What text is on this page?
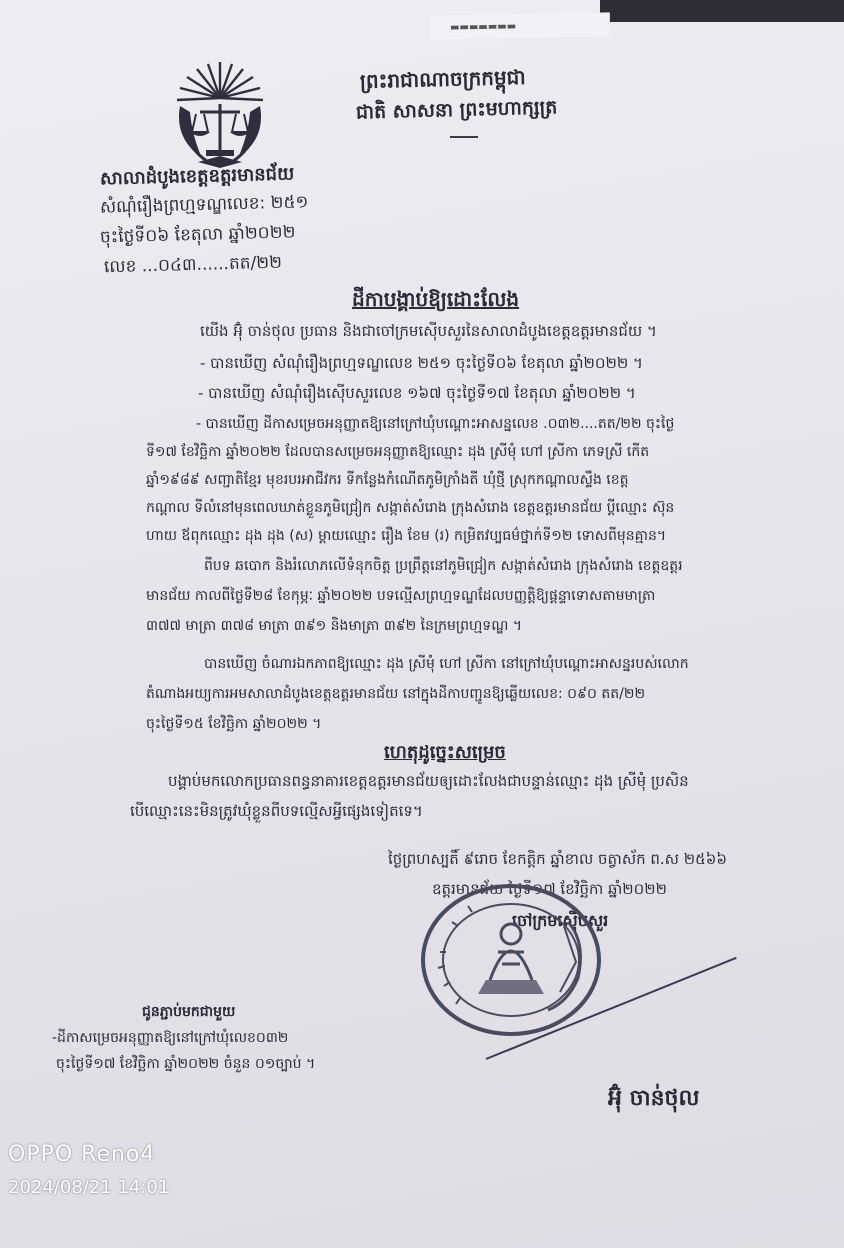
▬▬▬▬▬▬▬
ព្រះរាជាណាចក្រកម្ពុជា
ជាតិ សាសនា ព្រះមហាក្សត្រ
សាលាដំបូងខេត្តឧត្តរមានជ័យ
សំណុំរឿងព្រហ្មទណ្ឌលេខ: ២៥១
ចុះថ្ងៃទី០៦ ខែតុលា ឆ្នាំ២០២២
លេខ ...០៤៣......តត/២២
ដីកាបង្គាប់ឱ្យដោះលែង
យើង អ៊ុំ ចាន់ថុល ប្រធាន និងជាចៅក្រមស៊ើបសួរនៃសាលាដំបូងខេត្តឧត្តរមានជ័យ ។
- បានឃើញ សំណុំរឿងព្រហ្មទណ្ឌលេខ ២៥១ ចុះថ្ងៃទី០៦ ខែតុលា ឆ្នាំ២០២២ ។
- បានឃើញ សំណុំរឿងស៊ើបសួរលេខ ១៦៧ ចុះថ្ងៃទី១៧ ខែតុលា ឆ្នាំ២០២២ ។
- បានឃើញ ដីកាសម្រេចអនុញ្ញាតឱ្យនៅក្រៅឃុំបណ្ដោះអាសន្នលេខ .០៣២....តត/២២ ចុះថ្ងៃ
ទី១៧ ខែវិច្ឆិកា ឆ្នាំ២០២២ ដែលបានសម្រេចអនុញ្ញាតឱ្យឈ្មោះ ដុង ស្រីមុំ ហៅ ស្រីកា ភេទស្រី កើត
ឆ្នាំ១៩៨៩ សញ្ជាតិខ្មែរ មុខរបរអាជីវករ ទីកន្លែងកំណើតភូមិក្រាំងតី ឃុំថ្មី ស្រុកកណ្ដាលស្ទឹង ខេត្ត
កណ្ដាល ទីលំនៅមុនពេលឃាត់ខ្លួនភូមិជ្រៀក សង្កាត់សំរោង ក្រុងសំរោង ខេត្តឧត្តរមានជ័យ ប្ដីឈ្មោះ ស៊ុន
ហាយ ឪពុកឈ្មោះ ដុង ដុង (ស) ម្ដាយឈ្មោះ រឿង ខែម (រ) កម្រិតវប្បធម៌ថ្នាក់ទី១២ ទោសពីមុនគ្មាន។
ពីបទ ឆបោក និងរំលោភលើទំនុកចិត្ត ប្រព្រឹត្តនៅភូមិជ្រៀក សង្កាត់សំរោង ក្រុងសំរោង ខេត្តឧត្តរ
មានជ័យ កាលពីថ្ងៃទី២៨ ខែកុម្ភៈ ឆ្នាំ២០២២ បទល្មើសព្រហ្មទណ្ឌដែលបញ្ញត្តិឱ្យផ្ដន្ទាទោសតាមមាត្រា
៣៧៧ មាត្រា ៣៧៨ មាត្រា ៣៩១ និងមាត្រា ៣៩២ នៃក្រមព្រហ្មទណ្ឌ ។
បានឃើញ ចំណារឯកភាពឱ្យឈ្មោះ ដុង ស្រីមុំ ហៅ ស្រីកា នៅក្រៅឃុំបណ្ដោះអាសន្នរបស់លោក
តំណាងអយ្យការអមសាលាដំបូងខេត្តឧត្តរមានជ័យ នៅក្នុងដីកាបញ្ជូនឱ្យឆ្លើយលេខ: ០៩០ តត/២២
ចុះថ្ងៃទី១៥ ខែវិច្ឆិកា ឆ្នាំ២០២២ ។
ហេតុដូច្នេះសម្រេច
បង្គាប់មកលោកប្រធានពន្ធនាគារខេត្តឧត្តរមានជ័យឲ្យដោះលែងជាបន្ទាន់ឈ្មោះ ដុង ស្រីមុំ ប្រសិន
បើឈ្មោះនេះមិនត្រូវឃុំខ្លួនពីបទល្មើសអ្វីផ្សេងទៀតទេ។
ថ្ងៃព្រហស្បតិ៍ ៩រោច ខែកត្តិក ឆ្នាំខាល ចត្វាស័ក ព.ស ២៥៦៦
ឧត្តរមានជ័យ ថ្ងៃទី១៧ ខែវិច្ឆិកា ឆ្នាំ២០២២
ចៅក្រមស៊ើបសួរ
ជូនភ្ជាប់មកជាមួយ
-ដីកាសម្រេចអនុញ្ញាតឱ្យនៅក្រៅឃុំលេខ០៣២
ចុះថ្ងៃទី១៧ ខែវិច្ឆិកា ឆ្នាំ២០២២ ចំនួន ០១ច្បាប់ ។
អ៊ុំ ចាន់ថុល
OPPO Reno4
2024/08/21 14:01
